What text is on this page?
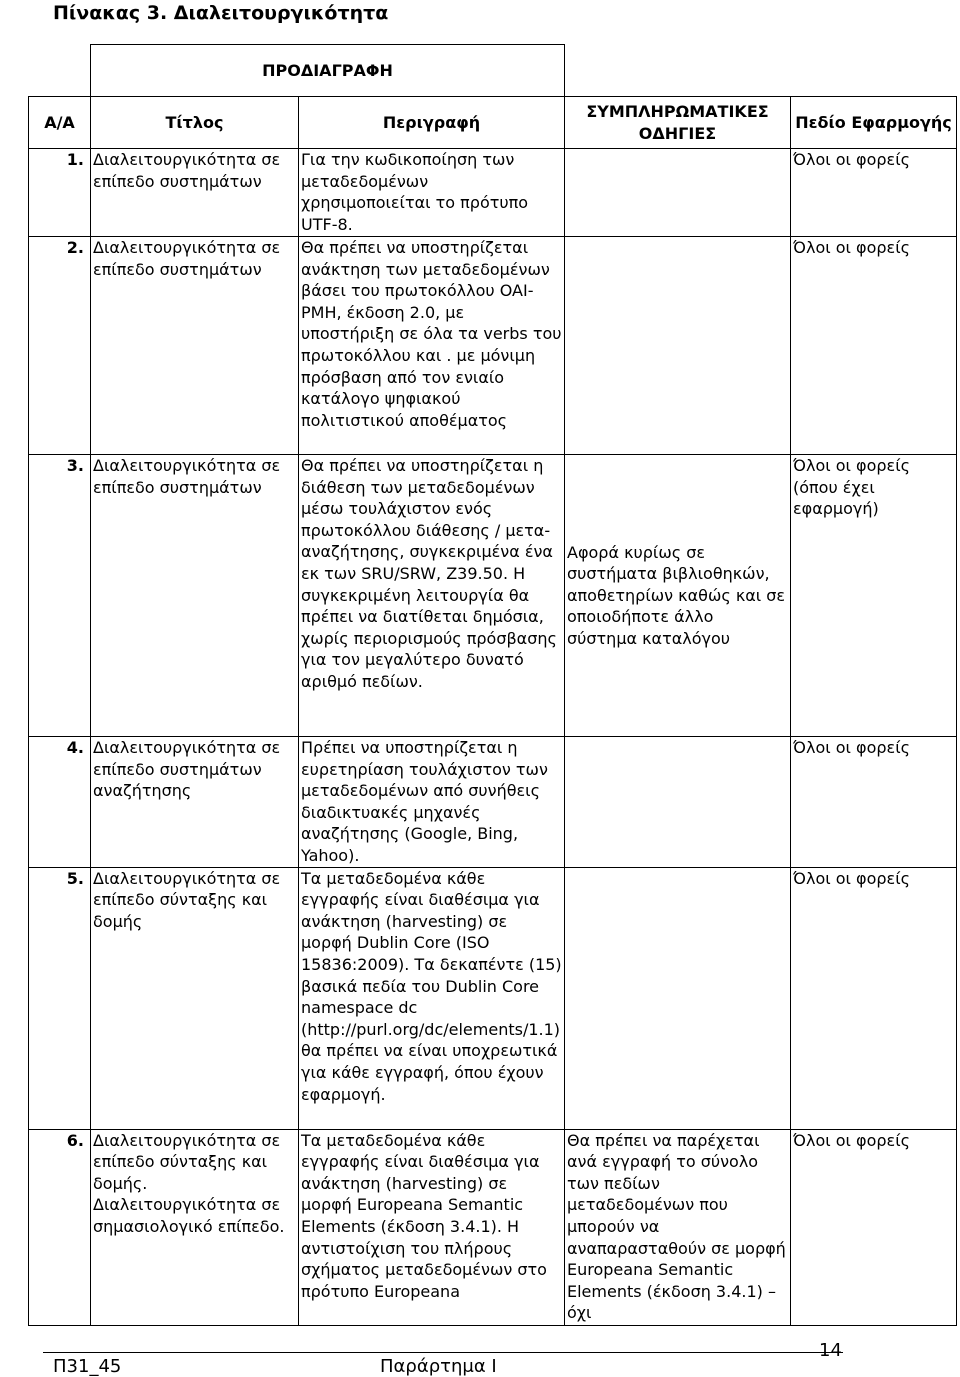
Πίνακας 3. Διαλειτουργικότητα
	ΠΡΟΔΙΑΓΡΑΦΗ			
Α/Α	Τίτλος	Περιγραφή	ΣΥΜΠΛΗΡΩΜΑΤΙΚΕΣ ΟΔΗΓΙΕΣ	Πεδίο Εφαρμογής
1.	Διαλειτουργικότητα σε επίπεδο συστημάτων	Για την κωδικοποίηση των μεταδεδομένων χρησιμοποιείται το πρότυπο UTF-8.		Όλοι οι φορείς
2.	Διαλειτουργικότητα σε επίπεδο συστημάτων	Θα πρέπει να υποστηρίζεται ανάκτηση των μεταδεδομένων βάσει του πρωτοκόλλου OAI-PMH, έκδοση 2.0, με υποστήριξη σε όλα τα verbs του πρωτοκόλλου και . με μόνιμη πρόσβαση από τον ενιαίο κατάλογο ψηφιακού πολιτιστικού αποθέματος		Όλοι οι φορείς
3.	Διαλειτουργικότητα σε επίπεδο συστημάτων	Θα πρέπει να υποστηρίζεται η διάθεση των μεταδεδομένων μέσω τουλάχιστον ενός πρωτοκόλλου διάθεσης / μετα-αναζήτησης, συγκεκριμένα ένα εκ των SRU/SRW, Z39.50. Η συγκεκριμένη λειτουργία θα πρέπει να διατίθεται δημόσια, χωρίς περιορισμούς πρόσβασης για τον μεγαλύτερο δυνατό αριθμό πεδίων.	Αφορά κυρίως σε συστήματα βιβλιοθηκών, αποθετηρίων καθώς και σε οποιοδήποτε άλλο σύστημα καταλόγου	Όλοι οι φορείς (όπου έχει εφαρμογή)
4.	Διαλειτουργικότητα σε επίπεδο συστημάτων αναζήτησης	Πρέπει να υποστηρίζεται η ευρετηρίαση τουλάχιστον των μεταδεδομένων από συνήθεις διαδικτυακές μηχανές αναζήτησης (Google, Bing, Yahoo).		Όλοι οι φορείς
5.	Διαλειτουργικότητα σε επίπεδο σύνταξης και δομής	Τα μεταδεδομένα κάθε εγγραφής είναι διαθέσιμα για ανάκτηση (harvesting) σε μορφή Dublin Core (ISO 15836:2009). Τα δεκαπέντε (15) βασικά πεδία του Dublin Core namespace dc (http://purl.org/dc/elements/1.1) θα πρέπει να είναι υποχρεωτικά για κάθε εγγραφή, όπου έχουν εφαρμογή.		Όλοι οι φορείς
6.	Διαλειτουργικότητα σε επίπεδο σύνταξης και δομής. Διαλειτουργικότητα σε σημασιολογικό επίπεδο.	Τα μεταδεδομένα κάθε εγγραφής είναι διαθέσιμα για ανάκτηση (harvesting) σε μορφή Europeana Semantic Elements (έκδοση 3.4.1). Η αντιστοίχιση του πλήρους σχήματος μεταδεδομένων στο πρότυπο Europeana	Θα πρέπει να παρέχεται ανά εγγραφή το σύνολο των πεδίων μεταδεδομένων που μπορούν να αναπαρασταθούν σε μορφή Europeana Semantic Elements (έκδοση 3.4.1) – όχι	Όλοι οι φορείς
Π31_45	Παράρτημα Ι
14
